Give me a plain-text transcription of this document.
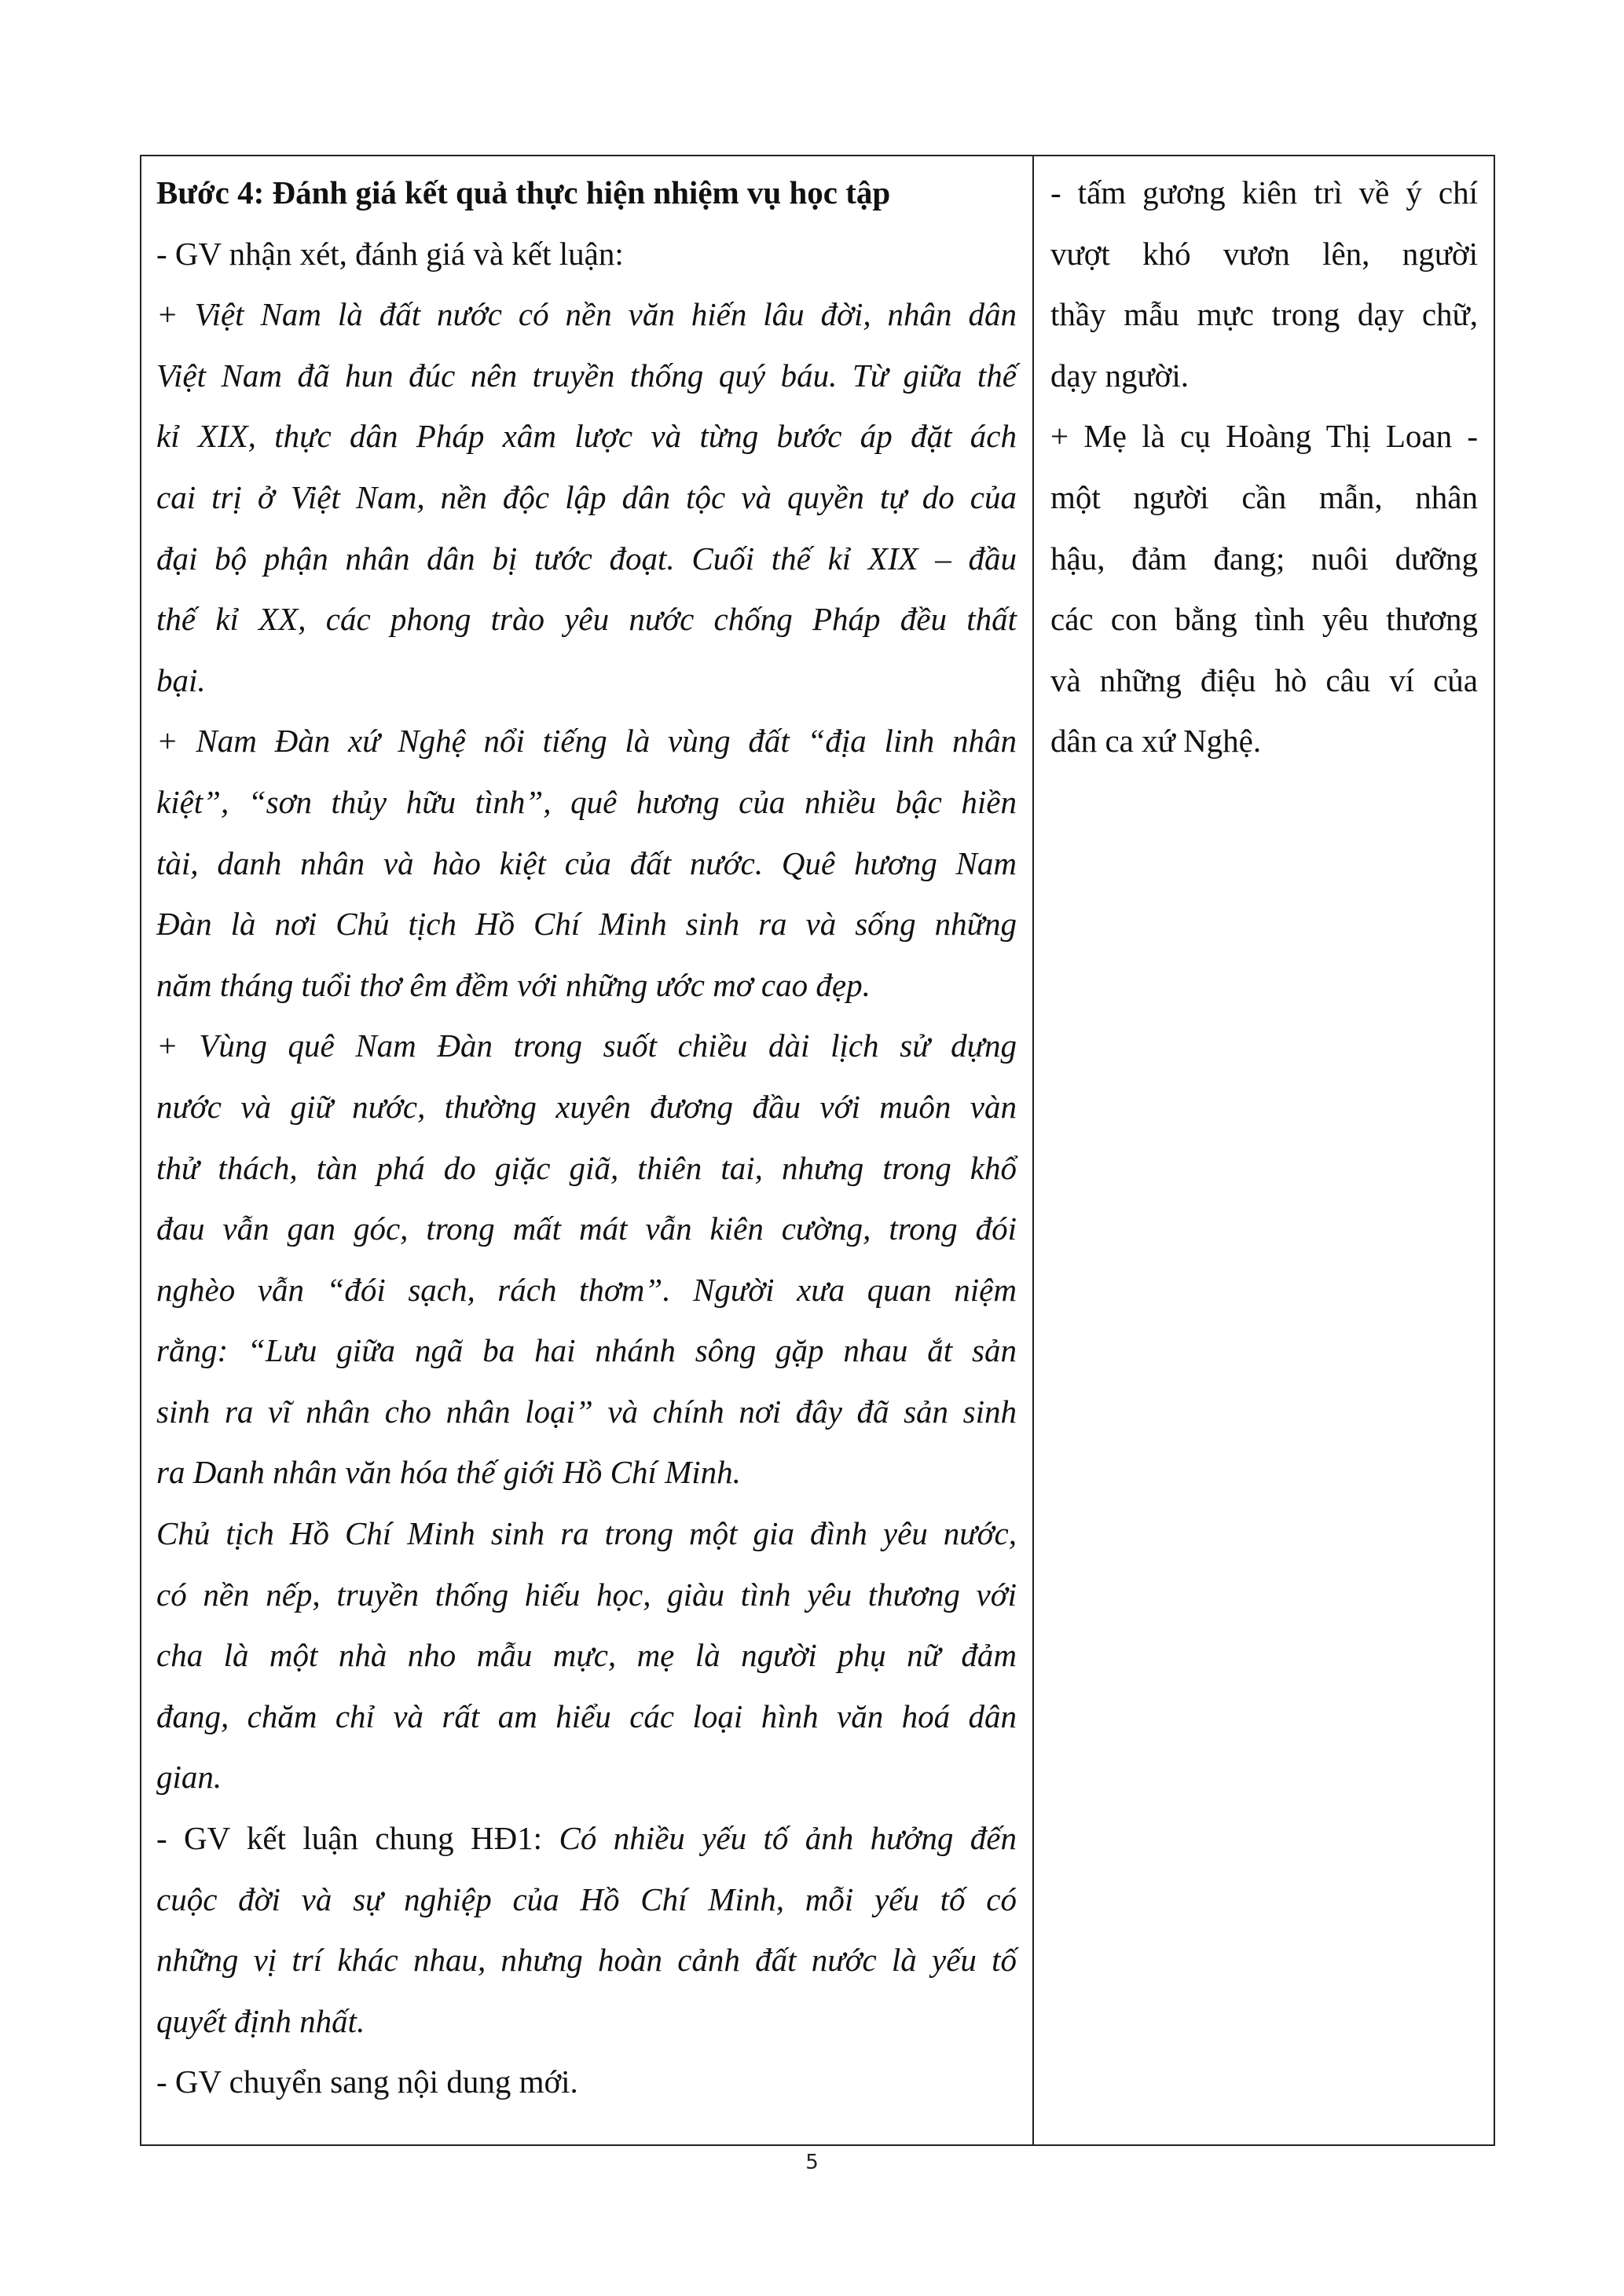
Bước 4: Đánh giá kết quả thực hiện nhiệm vụ học tập

- GV nhận xét, đánh giá và kết luận:

+ Việt Nam là đất nước có nền văn hiến lâu đời, nhân dân

Việt Nam đã hun đúc nên truyền thống quý báu. Từ giữa thế

kỉ XIX, thực dân Pháp xâm lược và từng bước áp đặt ách

cai trị ở Việt Nam, nền độc lập dân tộc và quyền tự do của

đại bộ phận nhân dân bị tước đoạt. Cuối thế kỉ XIX – đầu

thế kỉ XX, các phong trào yêu nước chống Pháp đều thất

bại.

+ Nam Đàn xứ Nghệ nổi tiếng là vùng đất “địa linh nhân

kiệt”, “sơn thủy hữu tình”, quê hương của nhiều bậc hiền

tài, danh nhân và hào kiệt của đất nước. Quê hương Nam

Đàn là nơi Chủ tịch Hồ Chí Minh sinh ra và sống những

năm tháng tuổi thơ êm đềm với những ước mơ cao đẹp.

+ Vùng quê Nam Đàn trong suốt chiều dài lịch sử dựng

nước và giữ nước, thường xuyên đương đầu với muôn vàn

thử thách, tàn phá do giặc giã, thiên tai, nhưng trong khổ

đau vẫn gan góc, trong mất mát vẫn kiên cường, trong đói

nghèo vẫn “đói sạch, rách thơm”. Người xưa quan niệm

rằng: “Lưu giữa ngã ba hai nhánh sông gặp nhau ắt sản

sinh ra vĩ nhân cho nhân loại” và chính nơi đây đã sản sinh

ra Danh nhân văn hóa thế giới Hồ Chí Minh.

Chủ tịch Hồ Chí Minh sinh ra trong một gia đình yêu nước,

có nền nếp, truyền thống hiếu học, giàu tình yêu thương với

cha là một nhà nho mẫu mực, mẹ là người phụ nữ đảm

đang, chăm chỉ và rất am hiểu các loại hình văn hoá dân

gian.

- GV kết luận chung HĐ1: Có nhiều yếu tố ảnh hưởng đến

cuộc đời và sự nghiệp của Hồ Chí Minh, mỗi yếu tố có

những vị trí khác nhau, nhưng hoàn cảnh đất nước là yếu tố

quyết định nhất.

- GV chuyển sang nội dung mới.

- tấm gương kiên trì về ý chí

vượt khó vươn lên, người

thầy mẫu mực trong dạy chữ,

dạy người.

+ Mẹ là cụ Hoàng Thị Loan -

một người cần mẫn, nhân

hậu, đảm đang; nuôi dưỡng

các con bằng tình yêu thương

và những điệu hò câu ví của

dân ca xứ Nghệ.

5
